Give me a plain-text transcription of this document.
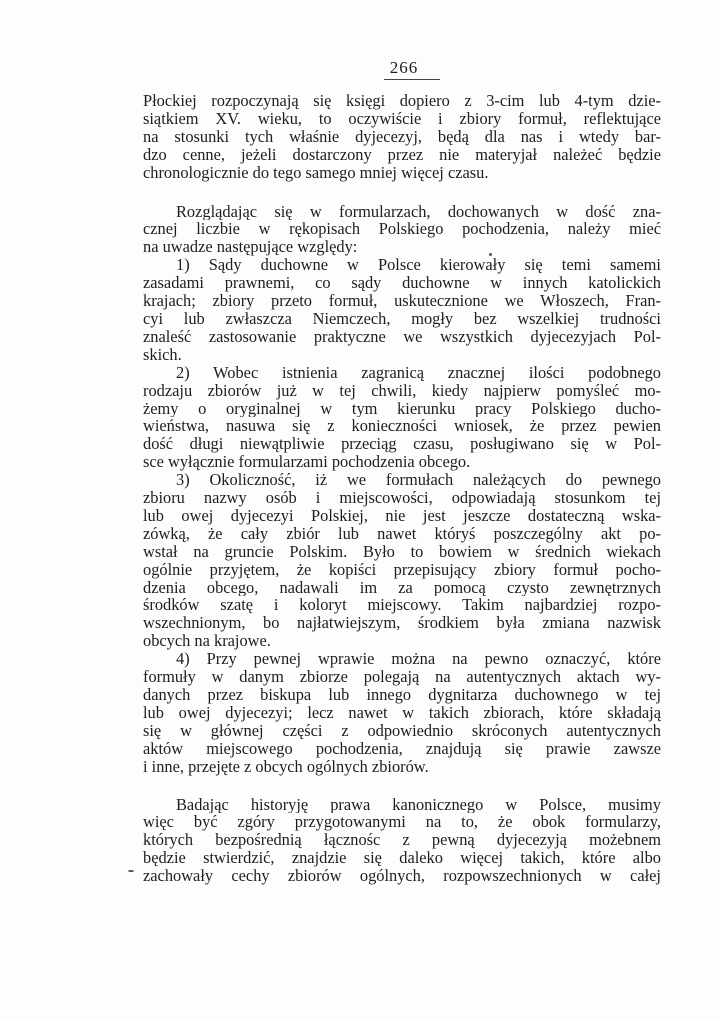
266
Płockiej rozpoczynają się księgi dopiero z 3-cim lub 4-tym dzie-
siątkiem XV. wieku, to oczywiście i zbiory formuł, reflektujące
na stosunki tych właśnie dyjecezyj, będą dla nas i wtedy bar-
dzo cenne, jeżeli dostarczony przez nie materyjał należeć będzie
chronologicznie do tego samego mniej więcej czasu.
Rozglądając się w formularzach, dochowanych w dość zna-
cznej liczbie w rękopisach Polskiego pochodzenia, należy mieć
na uwadze następujące względy:
1) Sądy duchowne w Polsce kierowały się temi samemi
zasadami prawnemi, co sądy duchowne w innych katolickich
krajach; zbiory przeto formuł, uskutecznione we Włoszech, Fran-
cyi lub zwłaszcza Niemczech, mogły bez wszelkiej trudności
znaleść zastosowanie praktyczne we wszystkich dyjecezyjach Pol-
skich.
2) Wobec istnienia zagranicą znacznej ilości podobnego
rodzaju zbiorów już w tej chwili, kiedy najpierw pomyśleć mo-
żemy o oryginalnej w tym kierunku pracy Polskiego ducho-
wieństwa, nasuwa się z konieczności wniosek, że przez pewien
dość długi niewątpliwie przeciąg czasu, posługiwano się w Pol-
sce wyłącznie formularzami pochodzenia obcego.
3) Okoliczność, iż we formułach należących do pewnego
zbioru nazwy osób i miejscowości, odpowiadają stosunkom tej
lub owej dyjecezyi Polskiej, nie jest jeszcze dostateczną wska-
zówką, że cały zbiór lub nawet któryś poszczególny akt po-
wstał na gruncie Polskim. Było to bowiem w średnich wiekach
ogólnie przyjętem, że kopiści przepisujący zbiory formuł pocho-
dzenia obcego, nadawali im za pomocą czysto zewnętrznych
środków szatę i koloryt miejscowy. Takim najbardziej rozpo-
wszechnionym, bo najłatwiejszym, środkiem była zmiana nazwisk
obcych na krajowe.
4) Przy pewnej wprawie można na pewno oznaczyć, które
formuły w danym zbiorze polegają na autentycznych aktach wy-
danych przez biskupa lub innego dygnitarza duchownego w tej
lub owej dyjecezyi; lecz nawet w takich zbiorach, które składają
się w głównej części z odpowiednio skróconych autentycznych
aktów miejscowego pochodzenia, znajdują się prawie zawsze
i inne, przejęte z obcych ogólnych zbiorów.
Badając historyję prawa kanonicznego w Polsce, musimy
więc być zgóry przygotowanymi na to, że obok formularzy,
których bezpośrednią łącznośc z pewną dyjecezyją możebnem
będzie stwierdzić, znajdzie się daleko więcej takich, które albo
zachowały cechy zbiorów ogólnych, rozpowszechnionych w całej
